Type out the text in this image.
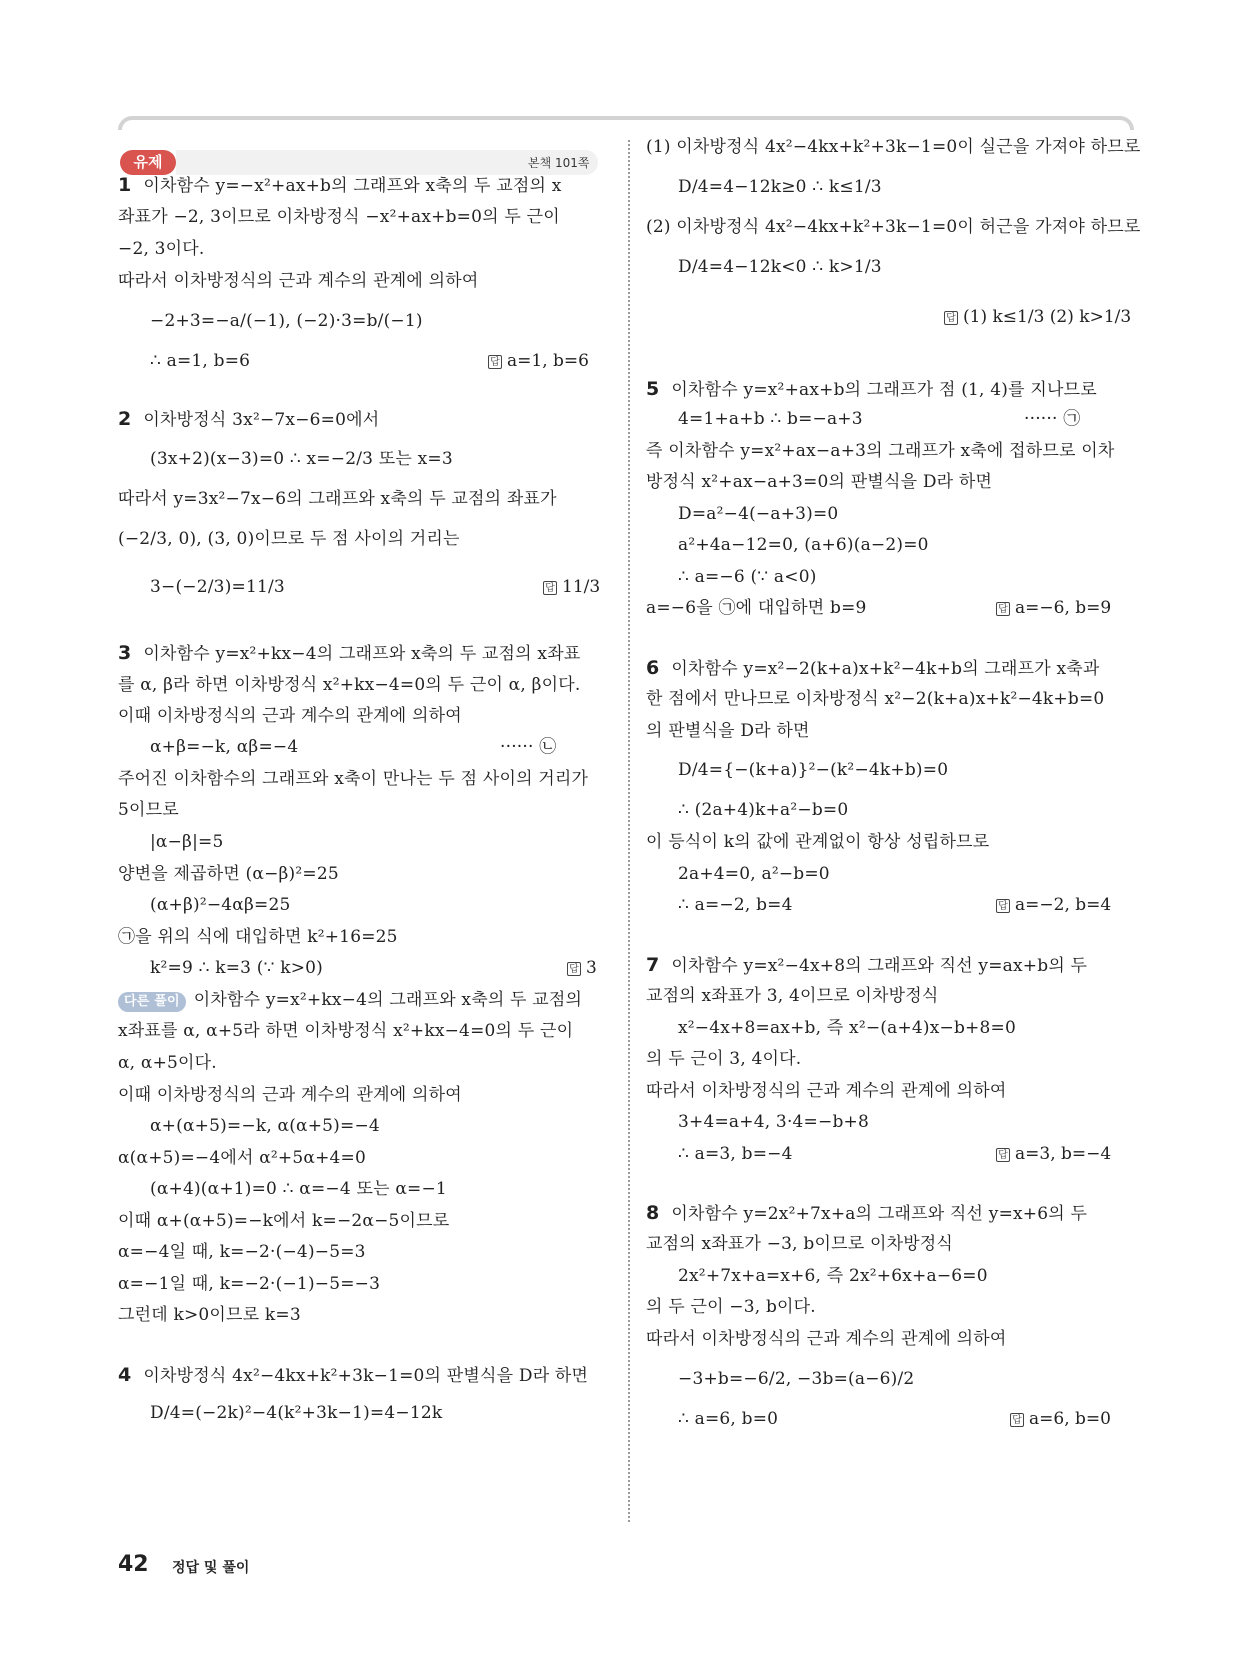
유제	본책 101쪽
1 이차함수 y=−x²+ax+b의 그래프와 x축의 두 교점의 x
좌표가 −2, 3이므로 이차방정식 −x²+ax+b=0의 두 근이
−2, 3이다.
따라서 이차방정식의 근과 계수의 관계에 의하여
−2+3=−a/(−1), (−2)·3=b/(−1)
∴ a=1, b=6
2 이차방정식 3x²−7x−6=0에서
(3x+2)(x−3)=0 ∴ x=−2/3 또는 x=3
따라서 y=3x²−7x−6의 그래프와 x축의 두 교점의 좌표가
(−2/3, 0), (3, 0)이므로 두 점 사이의 거리는
3−(−2/3)=11/3
3 이차함수 y=x²+kx−4의 그래프와 x축의 두 교점의 x좌표
를 α, β라 하면 이차방정식 x²+kx−4=0의 두 근이 α, β이다.
이때 이차방정식의 근과 계수의 관계에 의하여
α+β=−k, αβ=−4
주어진 이차함수의 그래프와 x축이 만나는 두 점 사이의 거리가
5이므로
|α−β|=5
양변을 제곱하면 (α−β)²=25
(α+β)²−4αβ=25
㉠을 위의 식에 대입하면 k²+16=25
k²=9 ∴ k=3 (∵ k>0)
다른 풀이 이차함수 y=x²+kx−4의 그래프와 x축의 두 교점의
x좌표를 α, α+5라 하면 이차방정식 x²+kx−4=0의 두 근이
α, α+5이다.
이때 이차방정식의 근과 계수의 관계에 의하여
α+(α+5)=−k, α(α+5)=−4
α(α+5)=−4에서 α²+5α+4=0
(α+4)(α+1)=0 ∴ α=−4 또는 α=−1
이때 α+(α+5)=−k에서 k=−2α−5이므로
α=−4일 때, k=−2·(−4)−5=3
α=−1일 때, k=−2·(−1)−5=−3
그런데 k>0이므로 k=3
4 이차방정식 4x²−4kx+k²+3k−1=0의 판별식을 D라 하면
D/4=(−2k)²−4(k²+3k−1)=4−12k
답 a=1, b=6
답 11/3
답 3
······ ㉡
(1) 이차방정식 4x²−4kx+k²+3k−1=0이 실근을 가져야 하므로
D/4=4−12k≥0 ∴ k≤1/3
(2) 이차방정식 4x²−4kx+k²+3k−1=0이 허근을 가져야 하므로
D/4=4−12k<0 ∴ k>1/3
5 이차함수 y=x²+ax+b의 그래프가 점 (1, 4)를 지나므로
4=1+a+b ∴ b=−a+3
즉 이차함수 y=x²+ax−a+3의 그래프가 x축에 접하므로 이차
방정식 x²+ax−a+3=0의 판별식을 D라 하면
D=a²−4(−a+3)=0
a²+4a−12=0, (a+6)(a−2)=0
∴ a=−6 (∵ a<0)
a=−6을 ㉠에 대입하면 b=9
6 이차함수 y=x²−2(k+a)x+k²−4k+b의 그래프가 x축과
한 점에서 만나므로 이차방정식 x²−2(k+a)x+k²−4k+b=0
의 판별식을 D라 하면
D/4={−(k+a)}²−(k²−4k+b)=0
∴ (2a+4)k+a²−b=0
이 등식이 k의 값에 관계없이 항상 성립하므로
2a+4=0, a²−b=0
∴ a=−2, b=4
7 이차함수 y=x²−4x+8의 그래프와 직선 y=ax+b의 두
교점의 x좌표가 3, 4이므로 이차방정식
x²−4x+8=ax+b, 즉 x²−(a+4)x−b+8=0
의 두 근이 3, 4이다.
따라서 이차방정식의 근과 계수의 관계에 의하여
3+4=a+4, 3·4=−b+8
∴ a=3, b=−4
8 이차함수 y=2x²+7x+a의 그래프와 직선 y=x+6의 두
교점의 x좌표가 −3, b이므로 이차방정식
2x²+7x+a=x+6, 즉 2x²+6x+a−6=0
의 두 근이 −3, b이다.
따라서 이차방정식의 근과 계수의 관계에 의하여
−3+b=−6/2, −3b=(a−6)/2
∴ a=6, b=0
답 (1) k≤1/3 (2) k>1/3
답 a=−6, b=9
답 a=−2, b=4
답 a=3, b=−4
답 a=6, b=0
······ ㉠
42 정답 및 풀이
